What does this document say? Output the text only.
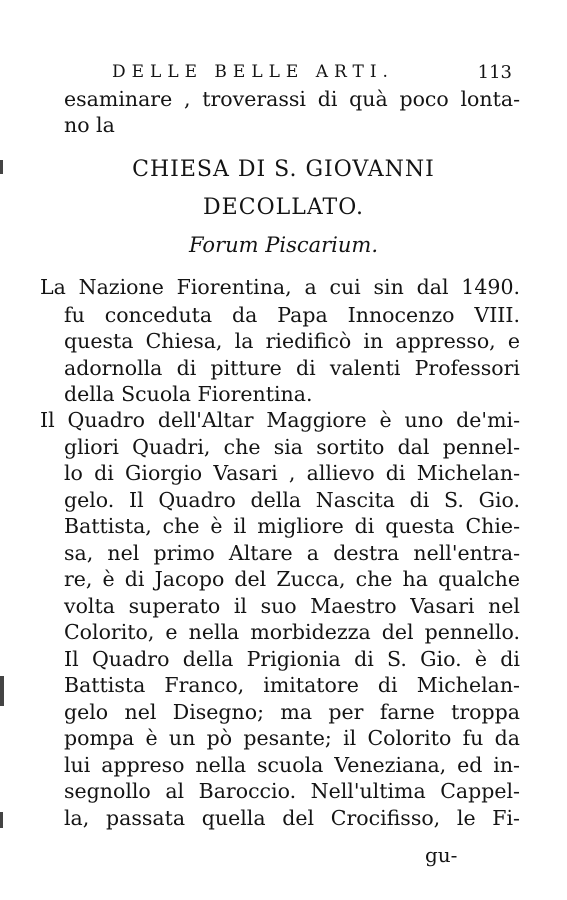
DELLE BELLE ARTI.	113
esaminare , troverassi di quà poco lonta-
no la
CHIESA DI S. GIOVANNI
DECOLLATO.
Forum Piscarium.
La Nazione Fiorentina, a cui sin dal 1490.
fu conceduta da Papa Innocenzo VIII.
questa Chiesa, la riedificò in appresso, e
adornolla di pitture di valenti Professori
della Scuola Fiorentina.
Il Quadro dell'Altar Maggiore è uno de'mi-
gliori Quadri, che sia sortito dal pennel-
lo di Giorgio Vasari , allievo di Michelan-
gelo. Il Quadro della Nascita di S. Gio.
Battista, che è il migliore di questa Chie-
sa, nel primo Altare a destra nell'entra-
re, è di Jacopo del Zucca, che ha qualche
volta superato il suo Maestro Vasari nel
Colorito, e nella morbidezza del pennello.
Il Quadro della Prigionia di S. Gio. è di
Battista Franco, imitatore di Michelan-
gelo nel Disegno; ma per farne troppa
pompa è un pò pesante; il Colorito fu da
lui appreso nella scuola Veneziana, ed in-
segnollo al Baroccio. Nell'ultima Cappel-
la, passata quella del Crocifisso, le Fi-
gu-
